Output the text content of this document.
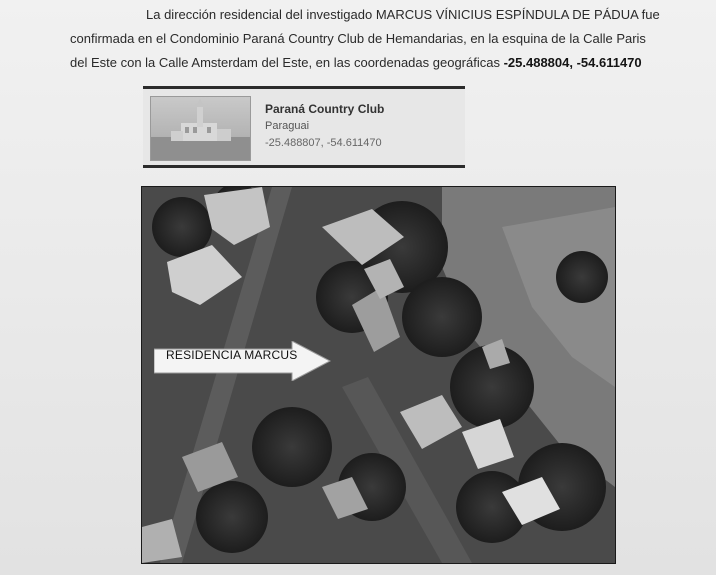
La dirección residencial del investigado MARCUS VÍNICIUS ESPÍNDULA DE PÁDUA fue
confirmada en el Condominio Paraná Country Club de Hemandarias, en la esquina de la Calle Paris
del Este con la Calle Amsterdam del Este, en las coordenadas geográficas -25.488804, -54.611470
Paraná Country Club
Paraguai
-25.488807, -54.611470
RESIDENCIA MARCUS
